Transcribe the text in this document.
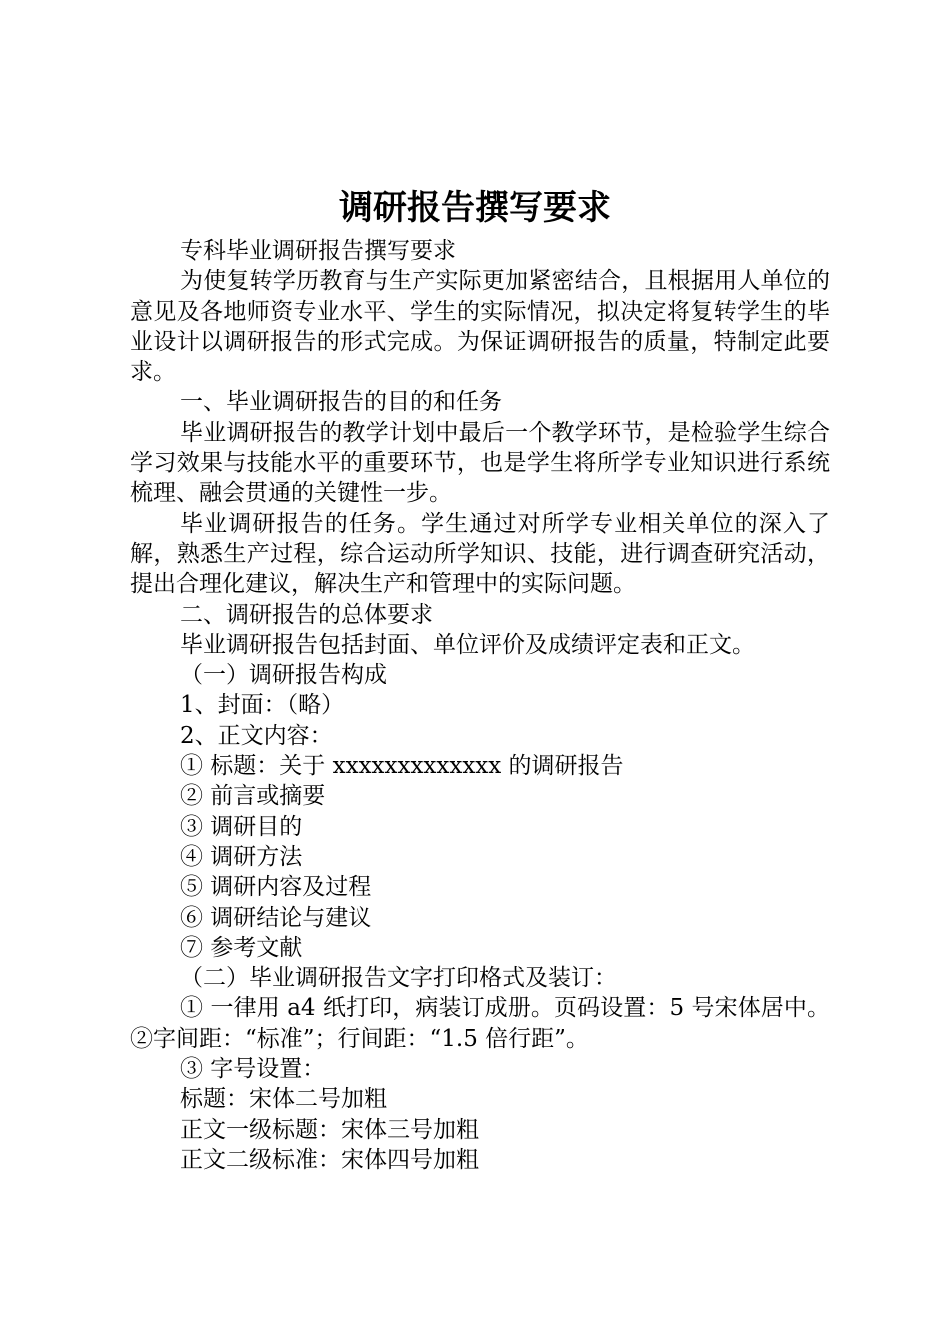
调研报告撰写要求

专科毕业调研报告撰写要求

为使复转学历教育与生产实际更加紧密结合，且根据用人单位的意见及各地师资专业水平、学生的实际情况，拟决定将复转学生的毕业设计以调研报告的形式完成。为保证调研报告的质量，特制定此要求。

一、毕业调研报告的目的和任务

毕业调研报告的教学计划中最后一个教学环节，是检验学生综合学习效果与技能水平的重要环节，也是学生将所学专业知识进行系统梳理、融会贯通的关键性一步。

毕业调研报告的任务。学生通过对所学专业相关单位的深入了解，熟悉生产过程，综合运动所学知识、技能，进行调查研究活动，提出合理化建议，解决生产和管理中的实际问题。

二、调研报告的总体要求

毕业调研报告包括封面、单位评价及成绩评定表和正文。

（一）调研报告构成

1、封面：（略）

2、正文内容：

① 标题：关于 xxxxxxxxxxxxx 的调研报告

② 前言或摘要

③ 调研目的

④ 调研方法

⑤ 调研内容及过程

⑥ 调研结论与建议

⑦ 参考文献

（二）毕业调研报告文字打印格式及装订：

① 一律用 a4 纸打印，病装订成册。页码设置：5 号宋体居中。②字间距：“标准”；行间距：“1.5 倍行距”。

③ 字号设置：

标题：宋体二号加粗

正文一级标题：宋体三号加粗

正文二级标准：宋体四号加粗
